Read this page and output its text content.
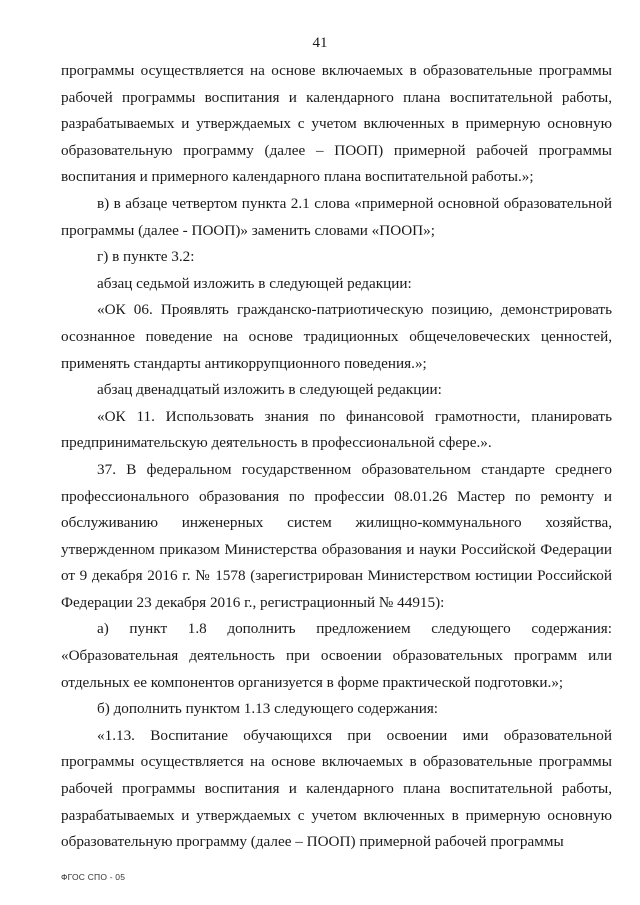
41

программы осуществляется на основе включаемых в образовательные программы рабочей программы воспитания и календарного плана воспитательной работы, разрабатываемых и утверждаемых с учетом включенных в примерную основную образовательную программу (далее – ПООП) примерной рабочей программы воспитания и примерного календарного плана воспитательной работы.»;

в) в абзаце четвертом пункта 2.1 слова «примерной основной образовательной программы (далее - ПООП)» заменить словами «ПООП»;

г) в пункте 3.2:

абзац седьмой изложить в следующей редакции:

«ОК 06. Проявлять гражданско-патриотическую позицию, демонстрировать осознанное поведение на основе традиционных общечеловеческих ценностей, применять стандарты антикоррупционного поведения.»;

абзац двенадцатый изложить в следующей редакции:

«ОК 11. Использовать знания по финансовой грамотности, планировать предпринимательскую деятельность в профессиональной сфере.».

37. В федеральном государственном образовательном стандарте среднего профессионального образования по профессии 08.01.26 Мастер по ремонту и обслуживанию инженерных систем жилищно-коммунального хозяйства, утвержденном приказом Министерства образования и науки Российской Федерации от 9 декабря 2016 г. № 1578 (зарегистрирован Министерством юстиции Российской Федерации 23 декабря 2016 г., регистрационный № 44915):

а) пункт 1.8 дополнить предложением следующего содержания: «Образовательная деятельность при освоении образовательных программ или отдельных ее компонентов организуется в форме практической подготовки.»;

б) дополнить пунктом 1.13 следующего содержания:

«1.13. Воспитание обучающихся при освоении ими образовательной программы осуществляется на основе включаемых в образовательные программы рабочей программы воспитания и календарного плана воспитательной работы, разрабатываемых и утверждаемых с учетом включенных в примерную основную образовательную программу (далее – ПООП) примерной рабочей программы

ФГОС СПО - 05
